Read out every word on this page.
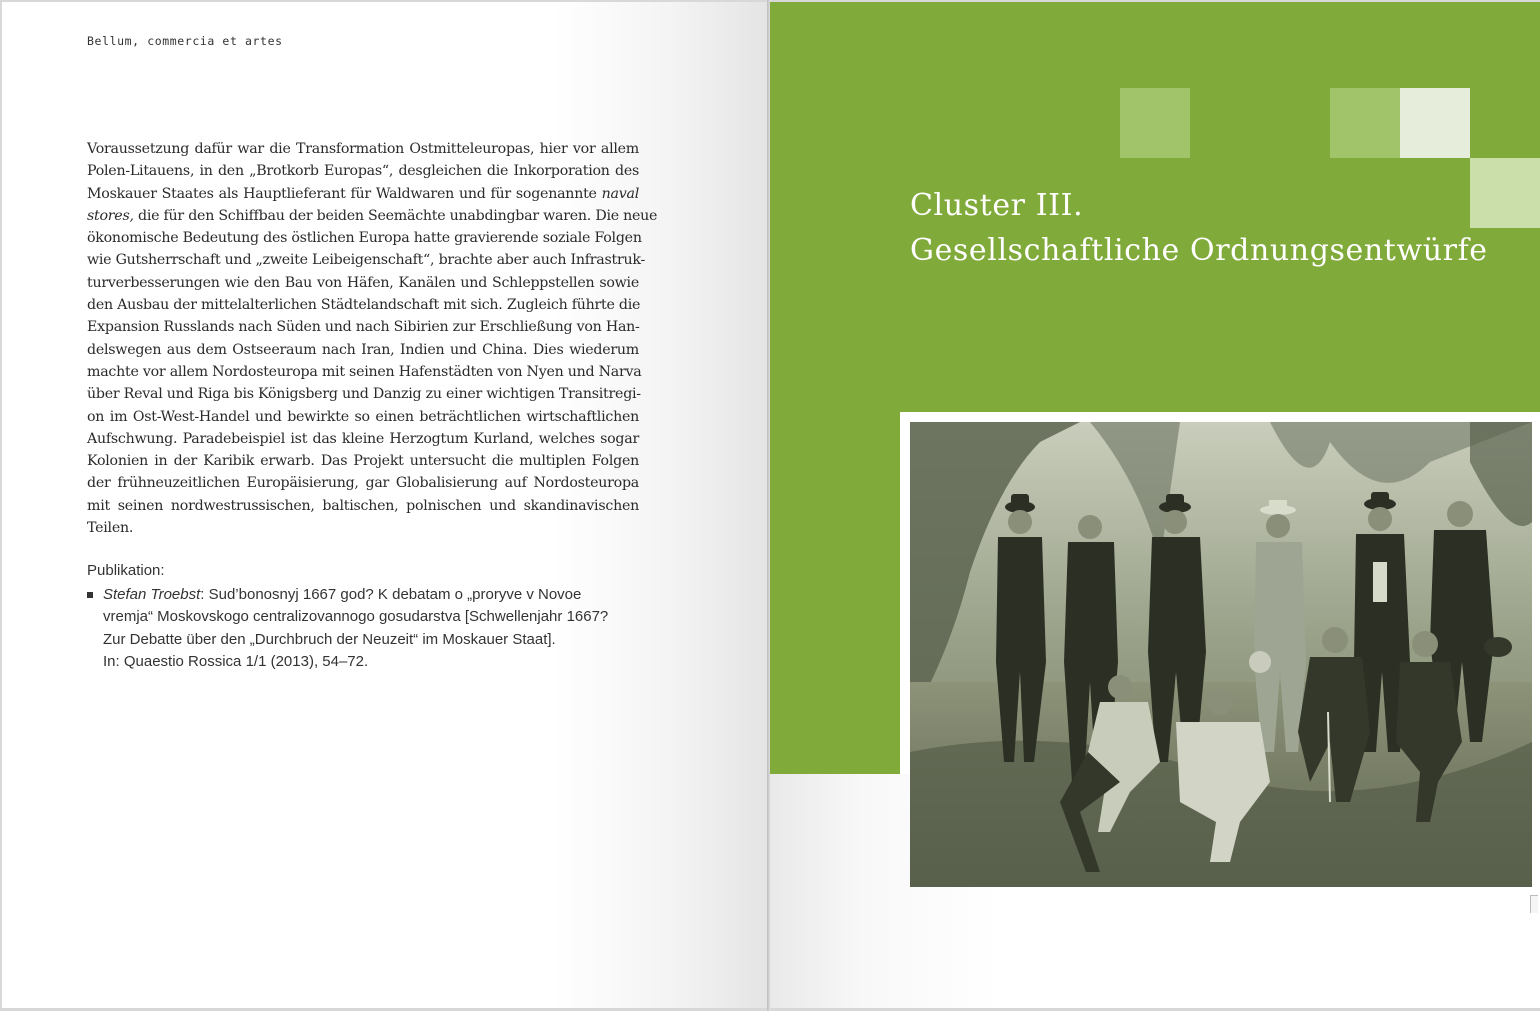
Bellum, commercia et artes
Voraussetzung dafür war die Transformation Ostmitteleuropas, hier vor allem
Polen-Litauens, in den „Brotkorb Europas“, desgleichen die Inkorporation des
Moskauer Staates als Hauptlieferant für Waldwaren und für sogenannte naval
stores, die für den Schiffbau der beiden Seemächte unabdingbar waren. Die neue
ökonomische Bedeutung des östlichen Europa hatte gravierende soziale Folgen
wie Gutsherrschaft und „zweite Leibeigenschaft“, brachte aber auch Infrastruk-
turverbesserungen wie den Bau von Häfen, Kanälen und Schleppstellen sowie
den Ausbau der mittelalterlichen Städtelandschaft mit sich. Zugleich führte die
Expansion Russlands nach Süden und nach Sibirien zur Erschließung von Han-
delswegen aus dem Ostseeraum nach Iran, Indien und China. Dies wiederum
machte vor allem Nordosteuropa mit seinen Hafenstädten von Nyen und Narva
über Reval und Riga bis Königsberg und Danzig zu einer wichtigen Transitregi-
on im Ost-West-Handel und bewirkte so einen beträchtlichen wirtschaftlichen
Aufschwung. Paradebeispiel ist das kleine Herzogtum Kurland, welches sogar
Kolonien in der Karibik erwarb. Das Projekt untersucht die multiplen Folgen
der frühneuzeitlichen Europäisierung, gar Globalisierung auf Nordosteuropa
mit seinen nordwestrussischen, baltischen, polnischen und skandinavischen
Teilen.
Publikation:
Stefan Troebst: Sud’bonosnyj 1667 god? K debatam o „proryve v Novoe
vremja“ Moskovskogo centralizovannogo gosudarstva [Schwellenjahr 1667?
Zur Debatte über den „Durchbruch der Neuzeit“ im Moskauer Staat].
In: Quaestio Rossica 1/1 (2013), 54–72.
Cluster III.
Gesellschaftliche Ordnungsentwürfe
